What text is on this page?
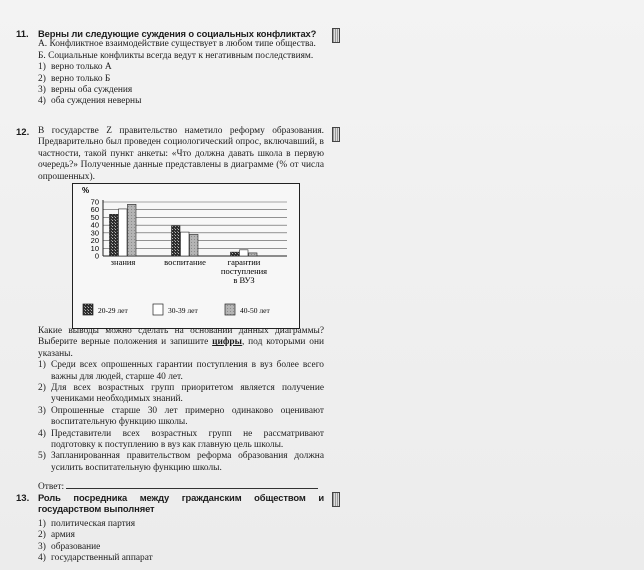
11. Верны ли следующие суждения о социальных конфликтах?

А. Конфликтное взаимодействие существует в любом типе общества.

Б. Социальные конфликты всегда ведут к негативным последствиям.

1) верно только А
2) верно только Б
3) верны оба суждения
4) оба суждения неверны
12. В государстве Z правительство наметило реформу образования. Предварительно был проведен социологический опрос, включавший, в частности, такой пункт анкеты: «Что должна давать школа в первую очередь?» Полученные данные представлены в диаграмме (% от числа опрошенных).

%
70
60
50
40
30
20
10
0
знания	воспитание	гарантии
поступления
в ВУЗ
20-29 лет	30-39 лет	40-50 лет

Какие выводы можно сделать на основании данных диаграммы? Выберите верные положения и запишите цифры, под которыми они указаны.

1) Среди всех опрошенных гарантии поступления в вуз более всего важны для людей, старше 40 лет.
2) Для всех возрастных групп приоритетом является получение учениками необходимых знаний.
3) Опрошенные старше 30 лет примерно одинаково оценивают воспитательную функцию школы.
4) Представители всех возрастных групп не рассматривают подготовку к поступлению в вуз как главную цель школы.
5) Запланированная правительством реформа образования должна усилить воспитательную функцию школы.

Ответ:

13. Роль посредника между гражданским обществом и государством выполняет

1) политическая партия
2) армия
3) образование
4) государственный аппарат
